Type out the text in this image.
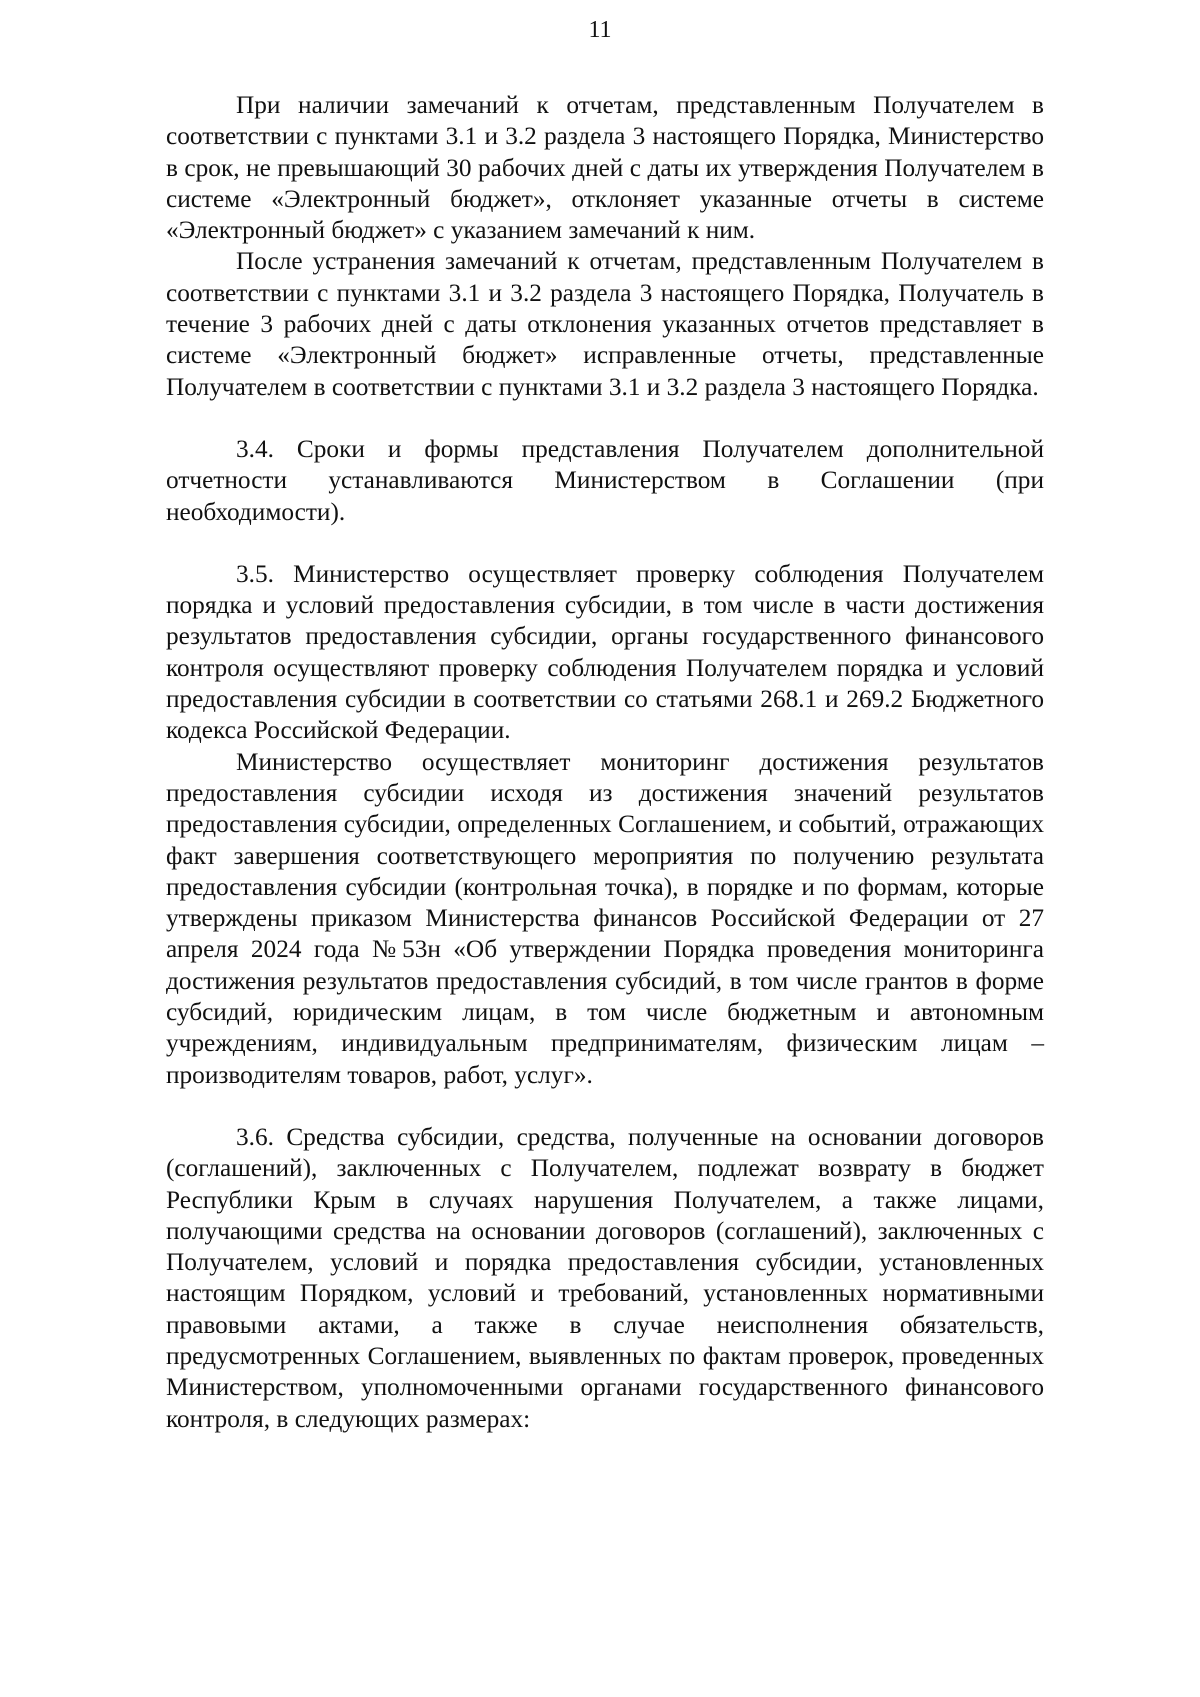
11

При наличии замечаний к отчетам, представленным Получателем в соответствии с пунктами 3.1 и 3.2 раздела 3 настоящего Порядка, Министерство в срок, не превышающий 30 рабочих дней с даты их утверждения Получателем в системе «Электронный бюджет», отклоняет указанные отчеты в системе «Электронный бюджет» с указанием замечаний к ним.

После устранения замечаний к отчетам, представленным Получателем в соответствии с пунктами 3.1 и 3.2 раздела 3 настоящего Порядка, Получатель в течение 3 рабочих дней с даты отклонения указанных отчетов представляет в системе «Электронный бюджет» исправленные отчеты, представленные Получателем в соответствии с пунктами 3.1 и 3.2 раздела 3 настоящего Порядка.

3.4. Сроки и формы представления Получателем дополнительной отчетности устанавливаются Министерством в Соглашении (при необходимости).

3.5. Министерство осуществляет проверку соблюдения Получателем порядка и условий предоставления субсидии, в том числе в части достижения результатов предоставления субсидии, органы государственного финансового контроля осуществляют проверку соблюдения Получателем порядка и условий предоставления субсидии в соответствии со статьями 268.1 и 269.2 Бюджетного кодекса Российской Федерации.

Министерство осуществляет мониторинг достижения результатов предоставления субсидии исходя из достижения значений результатов предоставления субсидии, определенных Соглашением, и событий, отражающих факт завершения соответствующего мероприятия по получению результата предоставления субсидии (контрольная точка), в порядке и по формам, которые утверждены приказом Министерства финансов Российской Федерации от 27 апреля 2024 года №53н «Об утверждении Порядка проведения мониторинга достижения результатов предоставления субсидий, в том числе грантов в форме субсидий, юридическим лицам, в том числе бюджетным и автономным учреждениям, индивидуальным предпринимателям, физическим лицам – производителям товаров, работ, услуг».

3.6. Средства субсидии, средства, полученные на основании договоров (соглашений), заключенных с Получателем, подлежат возврату в бюджет Республики Крым в случаях нарушения Получателем, а также лицами, получающими средства на основании договоров (соглашений), заключенных с Получателем, условий и порядка предоставления субсидии, установленных настоящим Порядком, условий и требований, установленных нормативными правовыми актами, а также в случае неисполнения обязательств, предусмотренных Соглашением, выявленных по фактам проверок, проведенных Министерством, уполномоченными органами государственного финансового контроля, в следующих размерах:
